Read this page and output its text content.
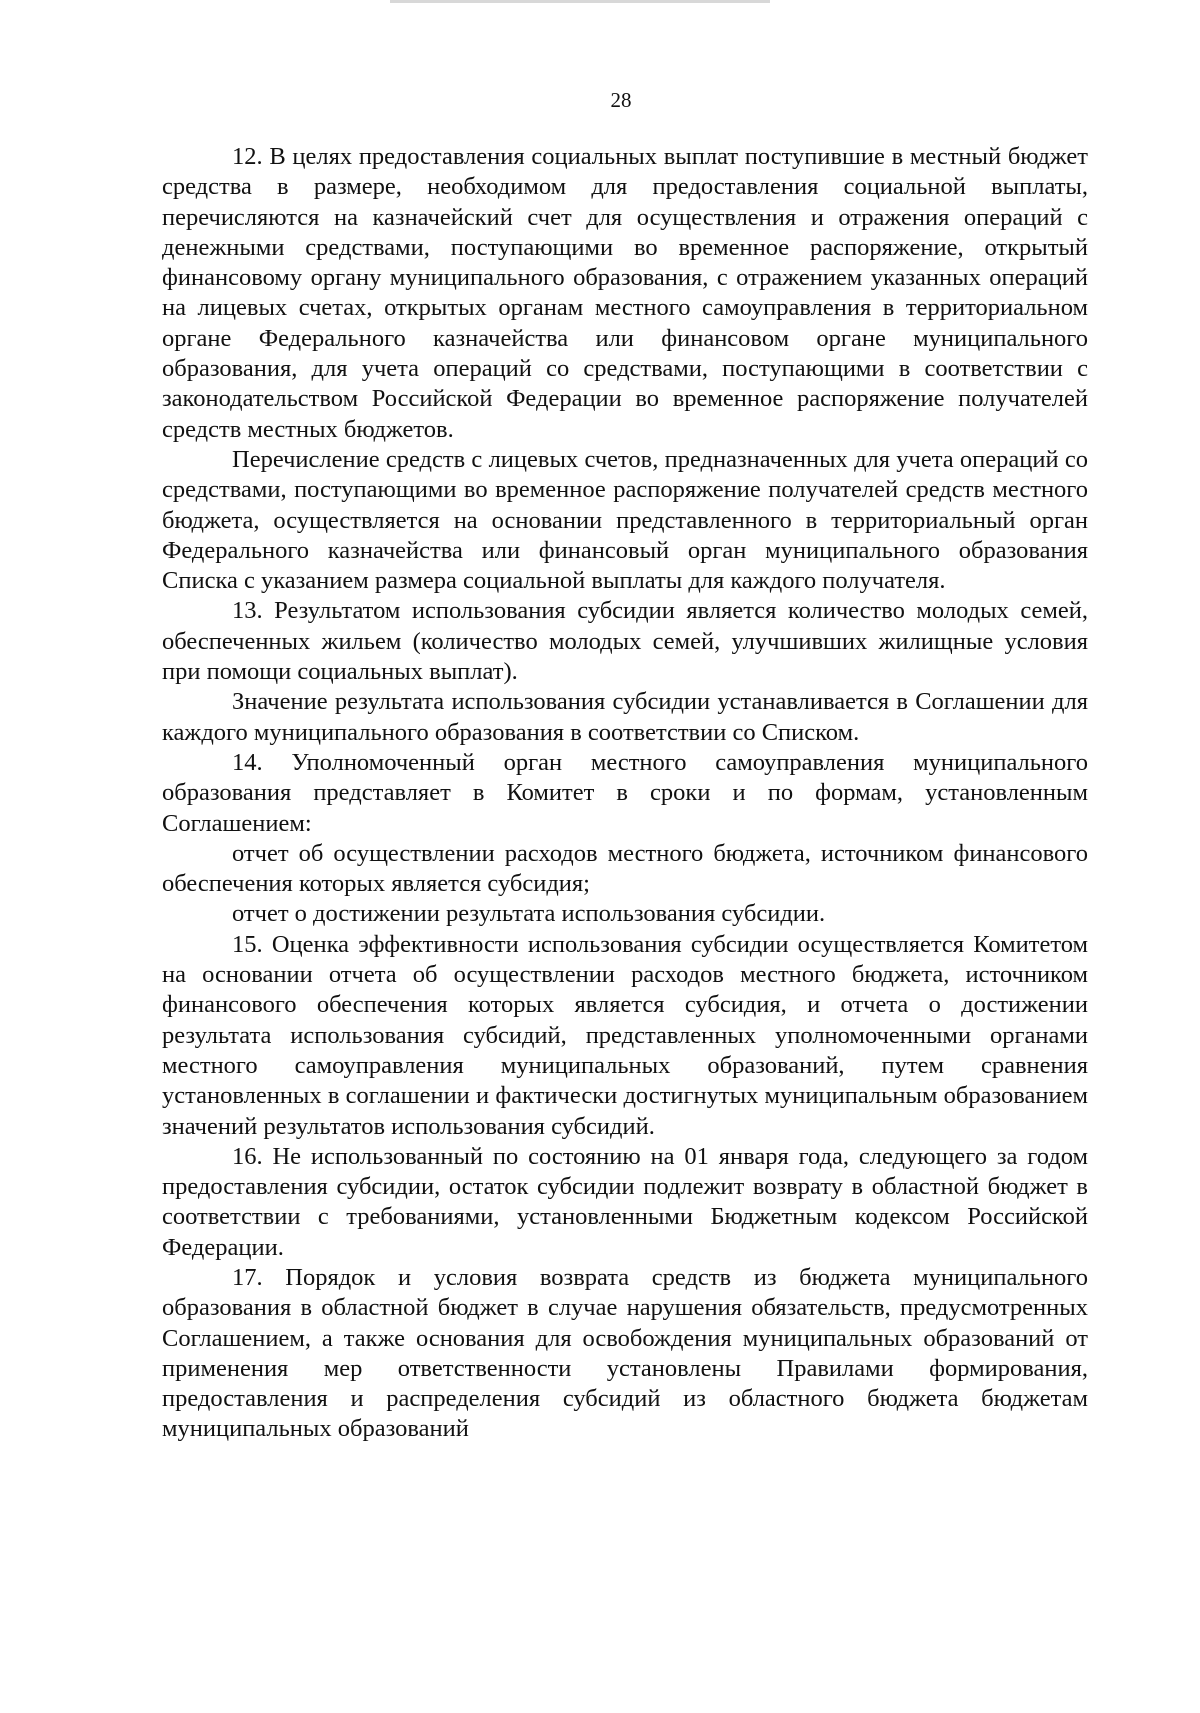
28

12. В целях предоставления социальных выплат поступившие в местный бюджет средства в размере, необходимом для предоставления социальной выплаты, перечисляются на казначейский счет для осуществления и отражения операций с денежными средствами, поступающими во временное распоряжение, открытый финансовому органу муниципального образования, с отражением указанных операций на лицевых счетах, открытых органам местного самоуправления в территориальном органе Федерального казначейства или финансовом органе муниципального образования, для учета операций со средствами, поступающими в соответствии с законодательством Российской Федерации во временное распоряжение получателей средств местных бюджетов.

Перечисление средств с лицевых счетов, предназначенных для учета операций со средствами, поступающими во временное распоряжение получателей средств местного бюджета, осуществляется на основании представленного в территориальный орган Федерального казначейства или финансовый орган муниципального образования Списка с указанием размера социальной выплаты для каждого получателя.

13. Результатом использования субсидии является количество молодых семей, обеспеченных жильем (количество молодых семей, улучшивших жилищные условия при помощи социальных выплат).

Значение результата использования субсидии устанавливается в Соглашении для каждого муниципального образования в соответствии со Списком.

14. Уполномоченный орган местного самоуправления муниципального образования представляет в Комитет в сроки и по формам, установленным Соглашением:

отчет об осуществлении расходов местного бюджета, источником финансового обеспечения которых является субсидия;

отчет о достижении результата использования субсидии.

15. Оценка эффективности использования субсидии осуществляется Комитетом на основании отчета об осуществлении расходов местного бюджета, источником финансового обеспечения которых является субсидия, и отчета о достижении результата использования субсидий, представленных уполномоченными органами местного самоуправления муниципальных образований, путем сравнения установленных в соглашении и фактически достигнутых муниципальным образованием значений результатов использования субсидий.

16. Не использованный по состоянию на 01 января года, следующего за годом предоставления субсидии, остаток субсидии подлежит возврату в областной бюджет в соответствии с требованиями, установленными Бюджетным кодексом Российской Федерации.

17. Порядок и условия возврата средств из бюджета муниципального образования в областной бюджет в случае нарушения обязательств, предусмотренных Соглашением, а также основания для освобождения муниципальных образований от применения мер ответственности установлены Правилами формирования, предоставления и распределения субсидий из областного бюджета бюджетам муниципальных образований
